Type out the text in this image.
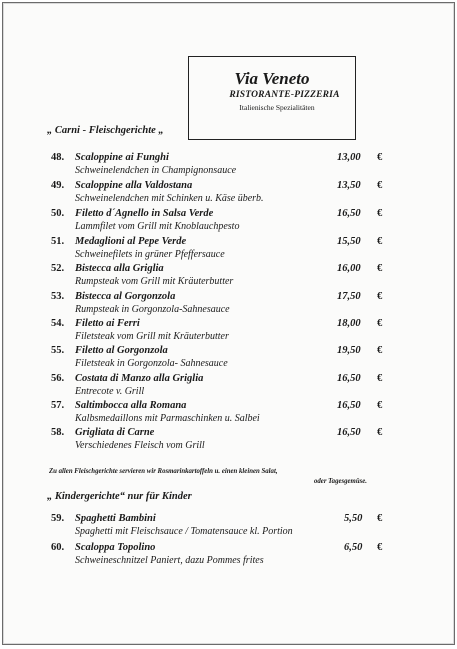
Via Veneto
RISTORANTE-PIZZERIA
Italienische Spezialitäten
„ Carni - Fleischgerichte „
48.	Scaloppine ai Funghi
Schweinelendchen in Champignonsauce
13,00 €
49.	Scaloppine alla Valdostana
Schweinelendchen mit Schinken u. Käse überb.
13,50 €
50.	Filetto d´Agnello in Salsa Verde
Lammfilet vom Grill mit Knoblauchpesto
16,50 €
51.	Medaglioni al Pepe Verde
Schweinefilets in grüner Pfeffersauce
15,50 €
52.	Bistecca alla Griglia
Rumpsteak vom Grill mit Kräuterbutter
16,00 €
53.	Bistecca al Gorgonzola
Rumpsteak in Gorgonzola-Sahnesauce
17,50 €
54.	Filetto ai Ferri
Filetsteak vom Grill mit Kräuterbutter
18,00 €
55.	Filetto al Gorgonzola
Filetsteak in Gorgonzola- Sahnesauce
19,50 €
56.	Costata di Manzo alla Griglia
Entrecote v. Grill
16,50 €
57.	Saltimbocca alla Romana
Kalbsmedaillons mit Parmaschinken u. Salbei
16,50 €
58.	Grigliata di Carne
Verschiedenes Fleisch vom Grill
16,50 €
Zu allen Fleischgerichte servieren wir Rosmarinkartoffeln u. einen kleinen Salat,
oder Tagesgemüse.
„ Kindergerichte“ nur für Kinder
59.	Spaghetti Bambini
Spaghetti mit Fleischsauce / Tomatensauce kl. Portion
5,50 €
60.	Scaloppa Topolino
Schweineschnitzel Paniert, dazu Pommes frites
6,50 €
